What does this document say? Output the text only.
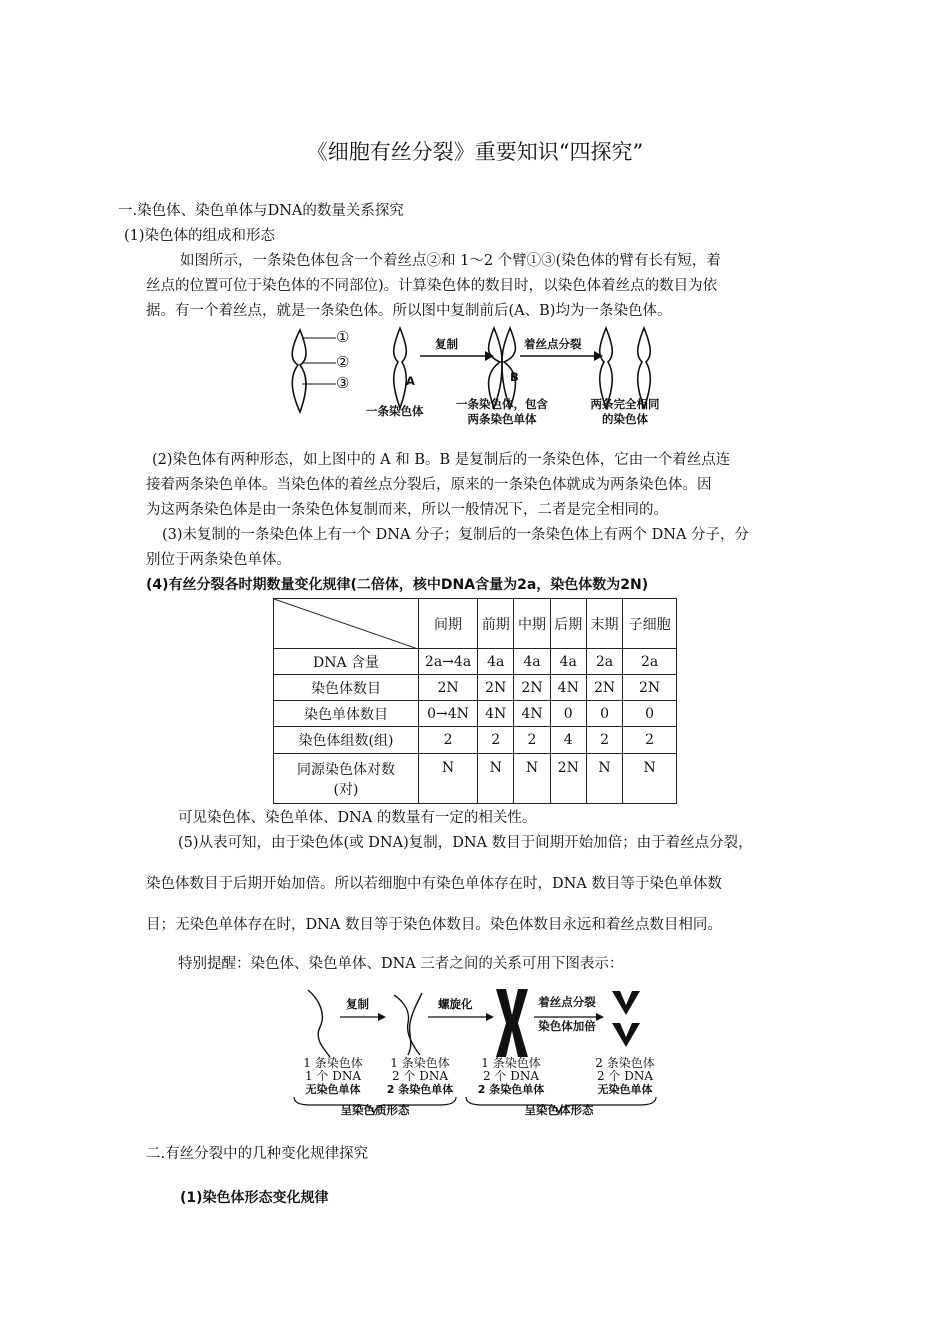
《细胞有丝分裂》重要知识“四探究”
一.染色体、染色单体与DNA的数量关系探究
(1)染色体的组成和形态
如图所示，一条染色体包含一个着丝点②和 1～2 个臂①③(染色体的臂有长有短，着
丝点的位置可位于染色体的不同部位)。计算染色体的数目时，以染色体着丝点的数目为依
据。有一个着丝点，就是一条染色体。所以图中复制前后(A、B)均为一条染色体。
①
②
③	A	B
复制	着丝点分裂
一条染色体	一条染色体，包含
两条染色单体
两条完全相同
的染色体
(2)染色体有两种形态，如上图中的 A 和 B。B 是复制后的一条染色体，它由一个着丝点连
接着两条染色单体。当染色体的着丝点分裂后，原来的一条染色体就成为两条染色体。因
为这两条染色体是由一条染色体复制而来，所以一般情况下，二者是完全相同的。
(3)未复制的一条染色体上有一个 DNA 分子；复制后的一条染色体上有两个 DNA 分子，分
别位于两条染色单体。
(4)有丝分裂各时期数量变化规律(二倍体，核中DNA含量为2a，染色体数为2N)
	间期	前期	中期	后期	末期	子细胞
DNA 含量	2a→4a	4a	4a	4a	2a	2a
染色体数目	2N	2N	2N	4N	2N	2N
染色单体数目	0→4N	4N	4N	0	0	0
染色体组数(组)	2	2	2	4	2	2

同源染色体对数
(对)	N	N	N	2N	N	N
可见染色体、染色单体、DNA 的数量有一定的相关性。
(5)从表可知，由于染色体(或 DNA)复制，DNA 数目于间期开始加倍；由于着丝点分裂，
染色体数目于后期开始加倍。所以若细胞中有染色单体存在时，DNA 数目等于染色单体数
目；无染色单体存在时，DNA 数目等于染色体数目。染色体数目永远和着丝点数目相同。
特别提醒：染色体、染色单体、DNA 三者之间的关系可用下图表示：
复制	螺旋化	着丝点分裂
染色体加倍
1 条染色体
1 个 DNA
无染色单体
1 条染色体
2 个 DNA
2 条染色单体
1 条染色体
2 个 DNA
2 条染色单体
2 条染色体
2 个 DNA
无染色单体
呈染色质形态	呈染色体形态
二.有丝分裂中的几种变化规律探究
(1)染色体形态变化规律
